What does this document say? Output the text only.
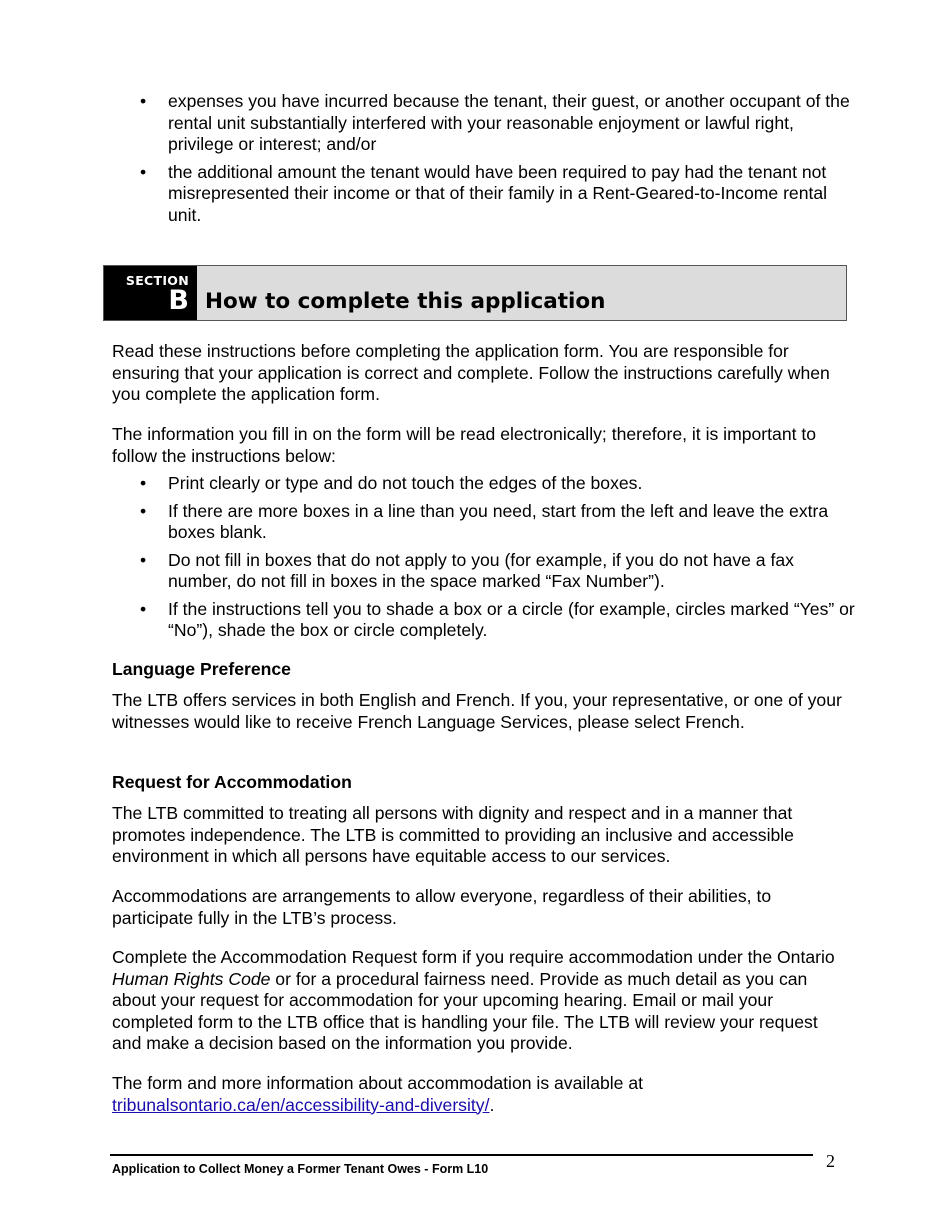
• expenses you have incurred because the tenant, their guest, or another occupant of the rental unit substantially interfered with your reasonable enjoyment or lawful right, privilege or interest; and/or
• the additional amount the tenant would have been required to pay had the tenant not misrepresented their income or that of their family in a Rent-Geared-to-Income rental unit.
SECTION
B How to complete this application

Read these instructions before completing the application form. You are responsible for ensuring that your application is correct and complete. Follow the instructions carefully when you complete the application form.

The information you fill in on the form will be read electronically; therefore, it is important to follow the instructions below:

• Print clearly or type and do not touch the edges of the boxes.
• If there are more boxes in a line than you need, start from the left and leave the extra boxes blank.
• Do not fill in boxes that do not apply to you (for example, if you do not have a fax number, do not fill in boxes in the space marked “Fax Number”).
• If the instructions tell you to shade a box or a circle (for example, circles marked “Yes” or “No”), shade the box or circle completely.
Language Preference

The LTB offers services in both English and French. If you, your representative, or one of your witnesses would like to receive French Language Services, please select French.

Request for Accommodation

The LTB committed to treating all persons with dignity and respect and in a manner that promotes independence. The LTB is committed to providing an inclusive and accessible environment in which all persons have equitable access to our services.

Accommodations are arrangements to allow everyone, regardless of their abilities, to participate fully in the LTB’s process.

Complete the Accommodation Request form if you require accommodation under the Ontario Human Rights Code or for a procedural fairness need. Provide as much detail as you can about your request for accommodation for your upcoming hearing. Email or mail your completed form to the LTB office that is handling your file. The LTB will review your request and make a decision based on the information you provide.

The form and more information about accommodation is available at
tribunalsontario.ca/en/accessibility-and-diversity/.

Application to Collect Money a Former Tenant Owes - Form L10	2
